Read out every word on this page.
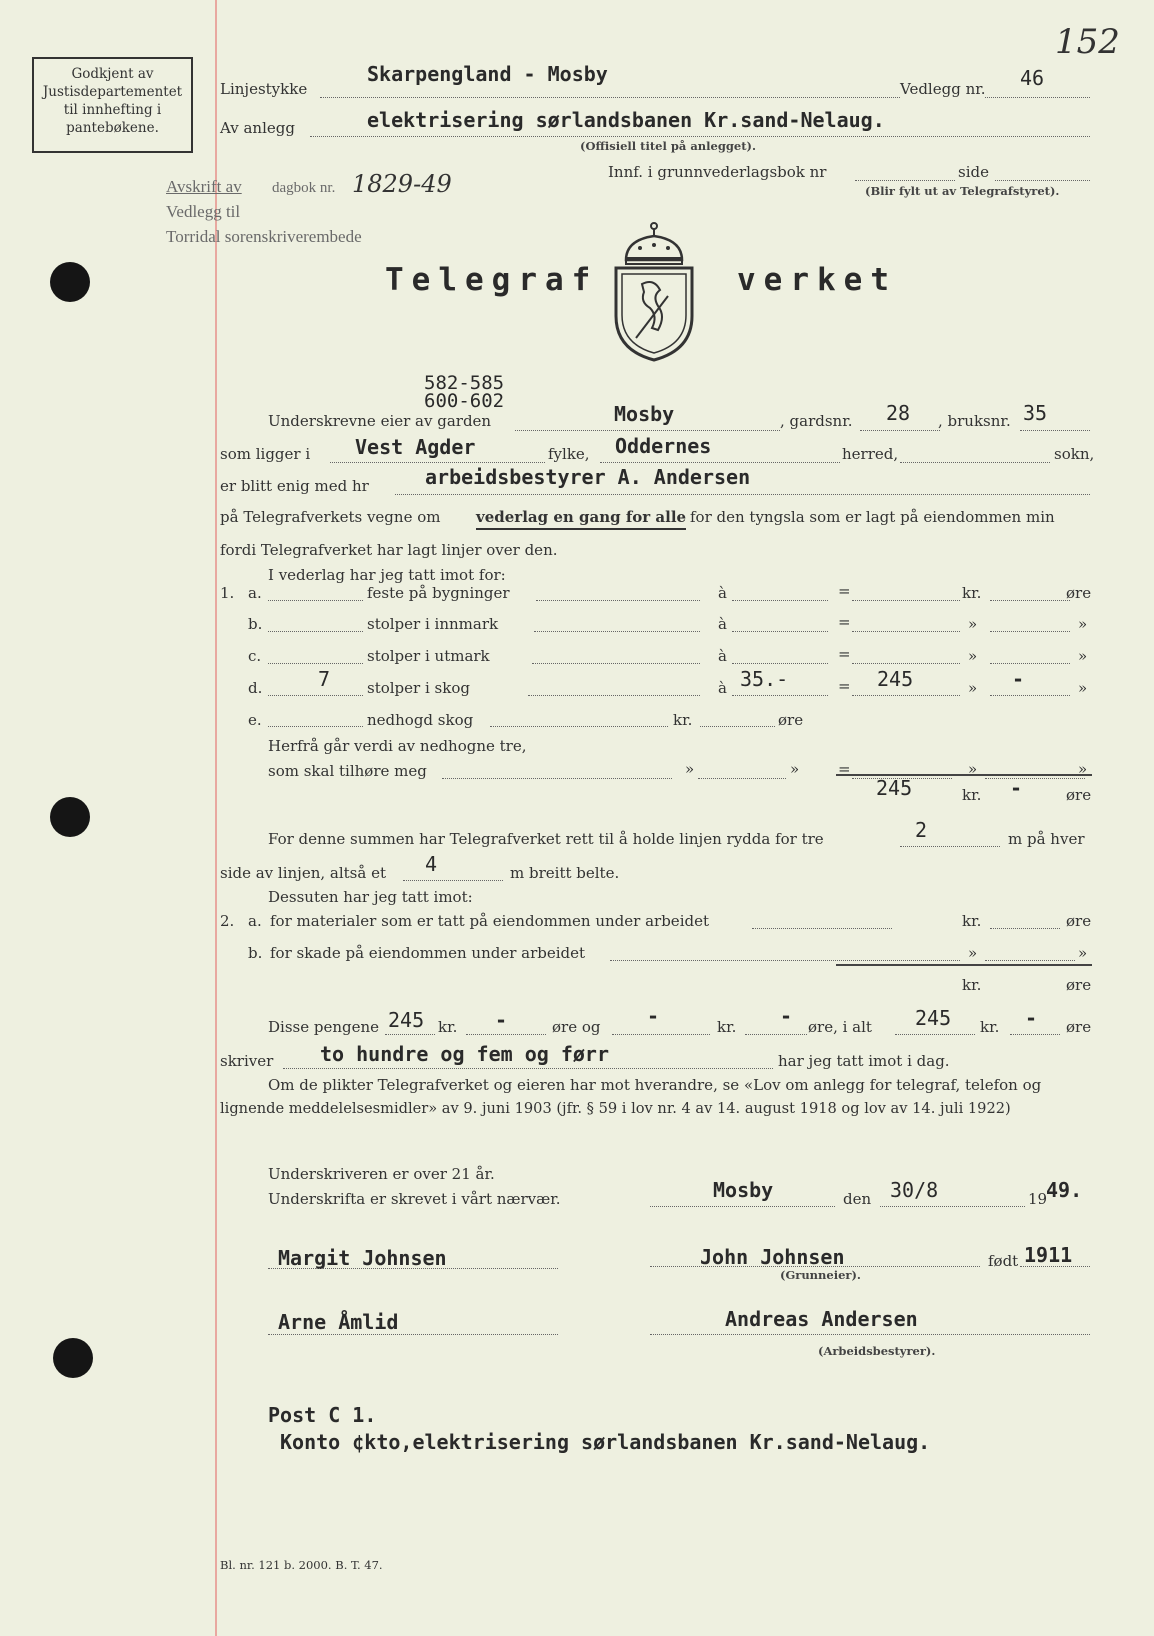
152
Godkjent av
Justisdepartementet
til innhefting i
pantebøkene.
Linjestykke
Skarpengland - Mosby
Vedlegg nr. 46
Av anlegg	elektrisering sørlandsbanen Kr.sand-Nelaug.
(Offisiell titel på anlegget).
Innf. i grunnvederlagsbok nr	side
(Blir fylt ut av Telegrafstyret).
Avskrift av dagbok nr. 1829-49
Vedlegg til
Torridal sorenskriverembede
Telegraf	verket
582-585
600-602
Underskrevne eier av garden	Mosby	, gardsnr. 28 , bruksnr. 35
som ligger i Vest Agder	fylke, Oddernes	herred,	sokn,
er blitt enig med hr	arbeidsbestyrer A. Andersen
på Telegrafverkets vegne om vederlag en gang for alle for den tyngsla som er lagt på eiendommen min
fordi Telegrafverket har lagt linjer over den.
I vederlag har jeg tatt imot for:
1. a.	feste på bygninger	à	=	kr.	øre
b.	stolper i innmark	à	=	»	»
c.	stolper i utmark	à	=	»	»
d.	7 stolper i skog	à 35.-	= 245	» -	»
e.	nedhogd skog	kr.	øre
Herfrå går verdi av nedhogne tre,
som skal tilhøre meg	»	»	=	»	»
245	kr. -	øre
For denne summen har Telegrafverket rett til å holde linjen rydda for tre	2	m på hver
side av linjen, altså et 4	m breitt belte.
Dessuten har jeg tatt imot:
2. a. for materialer som er tatt på eiendommen under arbeidet	kr.	øre
b. for skade på eiendommen under arbeidet	»	»
kr.	øre
Disse pengene 245 kr. -	øre og -	kr. - øre, i alt 245 kr. - øre
skriver to hundre og fem og førr	har jeg tatt imot i dag.
Om de plikter Telegrafverket og eieren har mot hverandre, se «Lov om anlegg for telegraf, telefon og
lignende meddelelsesmidler» av 9. juni 1903 (jfr. § 59 i lov nr. 4 av 14. august 1918 og lov av 14. juli 1922)
Underskriveren er over 21 år.
Underskrifta er skrevet i vårt nærvær.	Mosby	den 30/8	19
49.
Margit Johnsen	John Johnsen
(Grunneier).
født 1911
Arne Åmlid	Andreas Andersen
(Arbeidsbestyrer).
Post C 1.
Konto ¢kto,elektrisering sørlandsbanen Kr.sand-Nelaug.
Bl. nr. 121 b. 2000. B. T. 47.
